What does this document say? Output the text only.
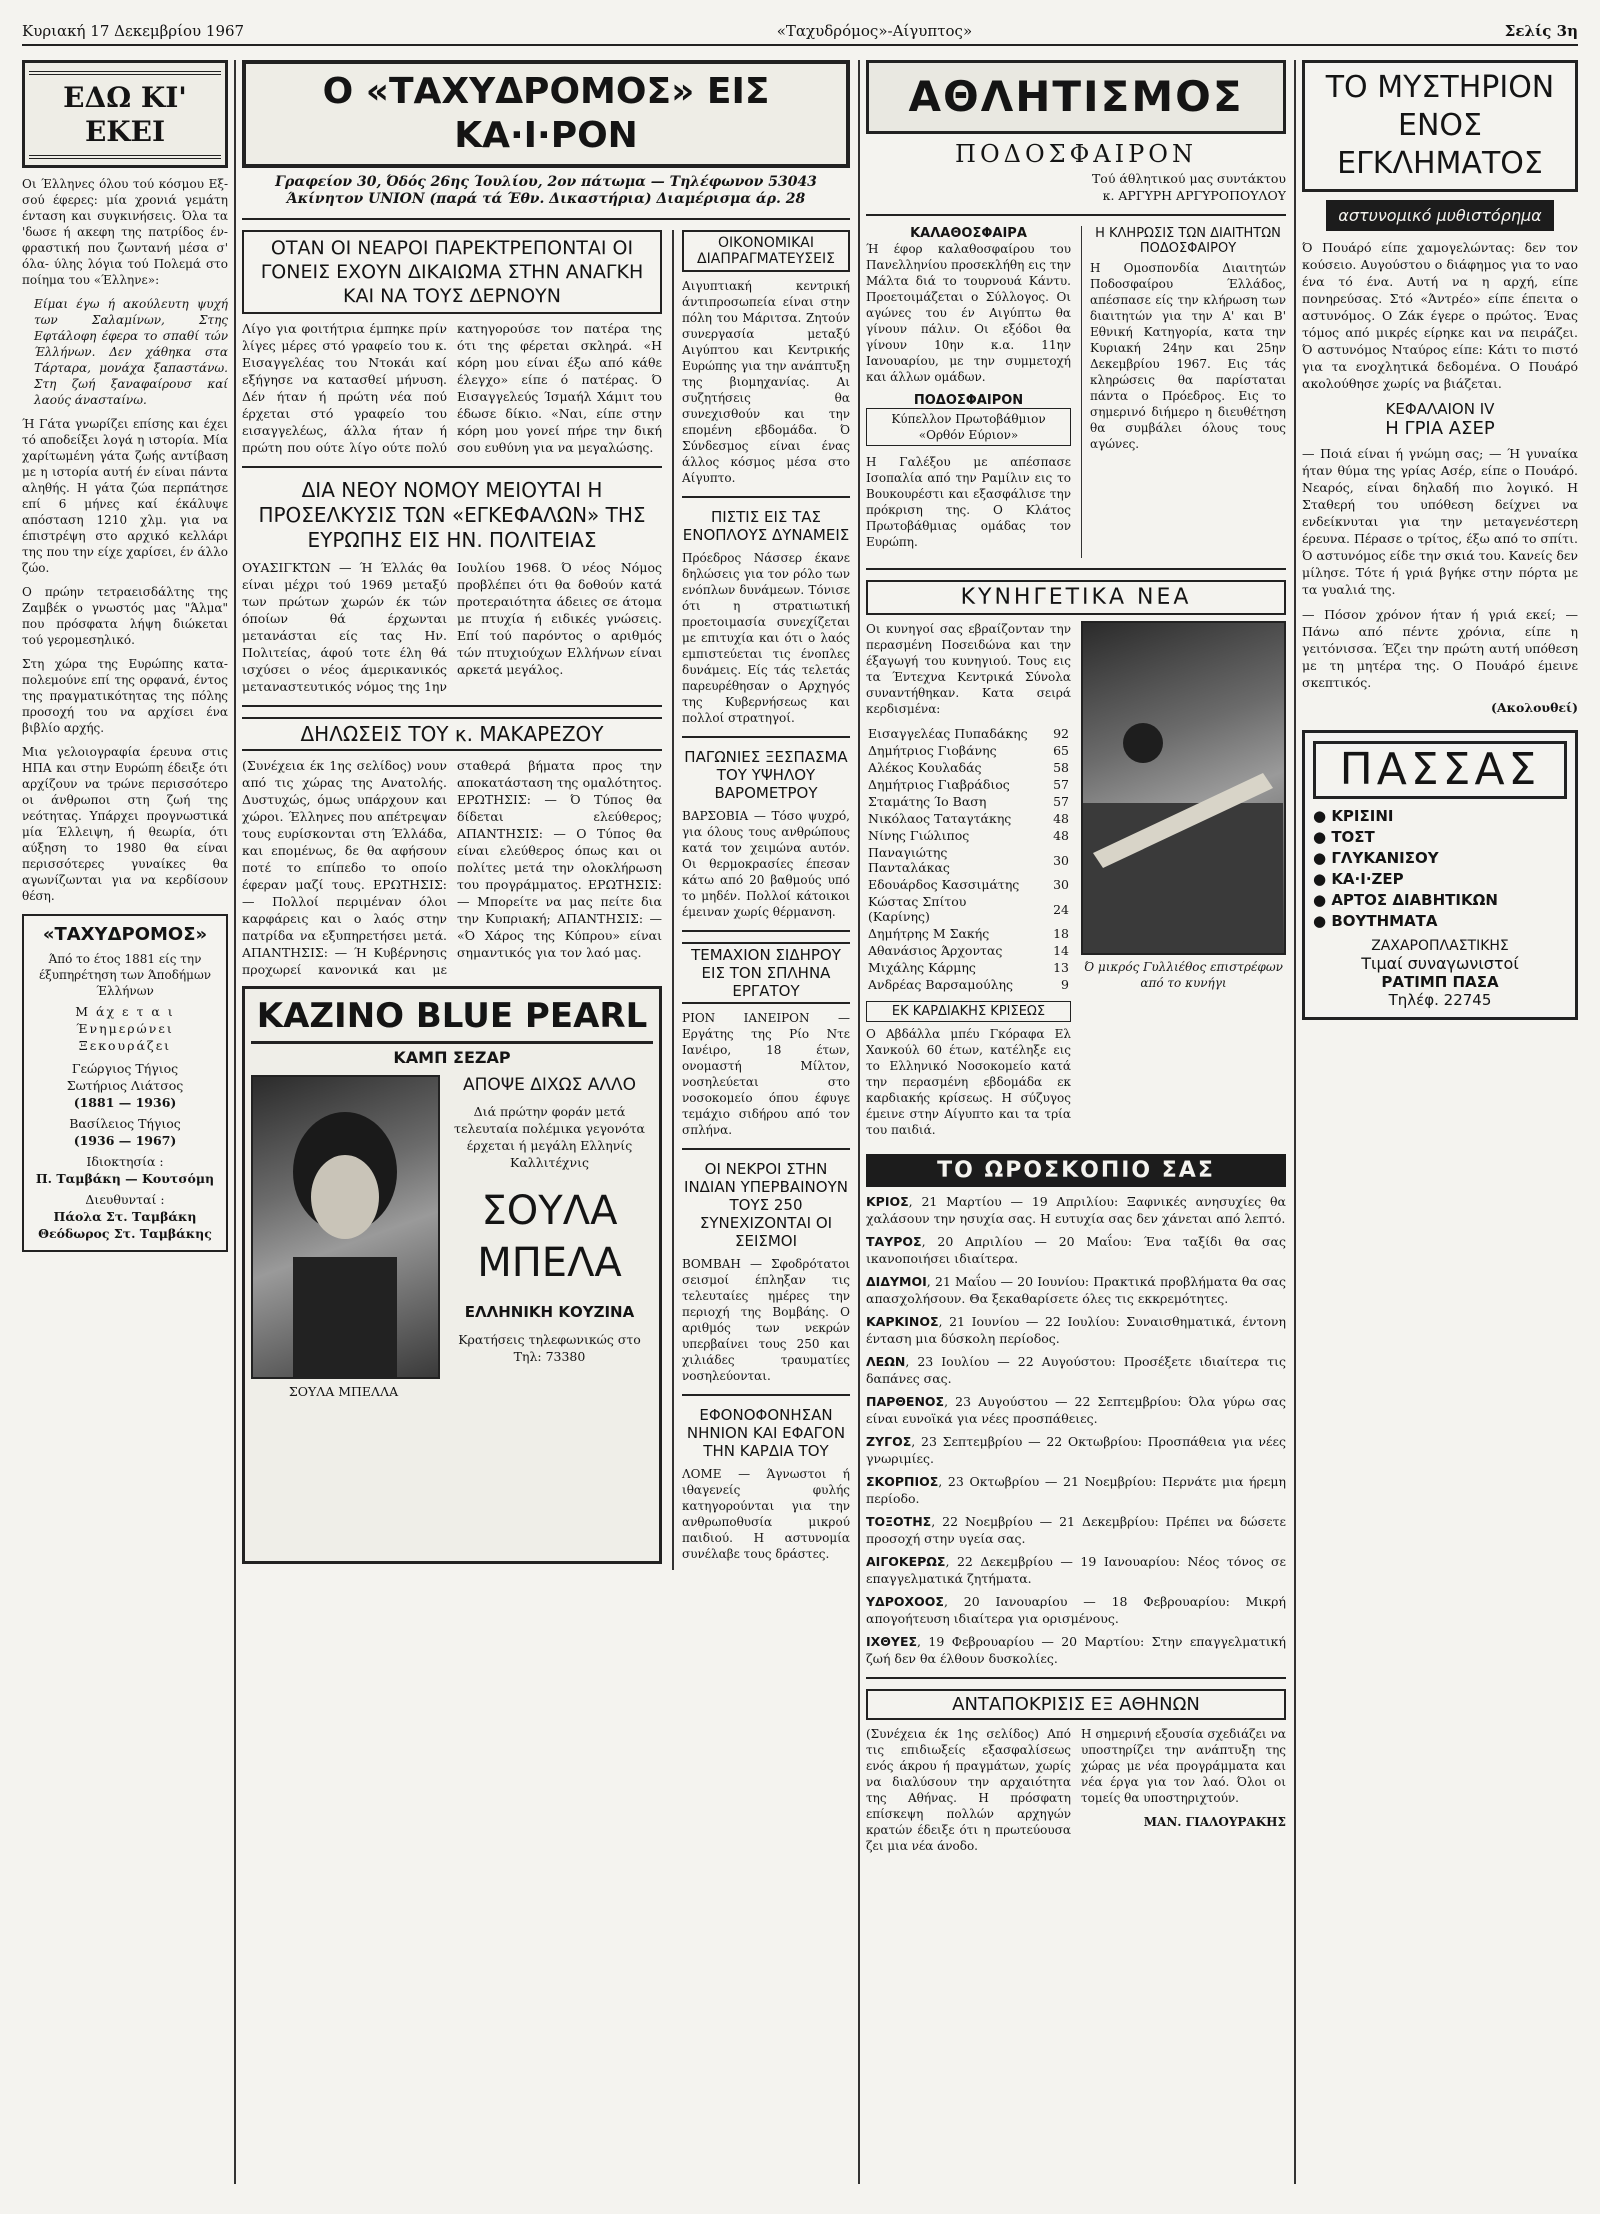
Κυριακή 17 Δεκεμβρίου 1967	«Ταχυδρόμος»-Αίγυπτος»	Σελίς 3η

ΕΔΩ ΚΙ' ΕΚΕΙ

Οι Έλληνες όλου τού κόσμου Εξ- σού έφερες: μία χρονιά γεμάτη ένταση και συγκινήσεις. Όλα τα 'δωσε ή ακεφη της πατρίδος έν- φραστική που ζωντανή μέσα σ' όλα- ύλης λόγια τού Πολεμά στο ποίημα του «Έλληνε»:

Είμαι έγω ή ακούλευτη ψυχή των Σαλαμίνων, Στης Εφτάλοφη έφερα το σπαθί τών Έλλήνων. Δεν χάθηκα στα Τάρταρα, μονάχα ξαπαστάνω. Στη ζωή ξαναφαίρουσ καί λαούς άνασταίνω.

Ή Γάτα γνωρίζει επίσης και έχει τό αποδείξει λογά η ιστορία. Μία χαρίτωμένη γάτα ζωής αντίβαση με η ιστορία αυτή έν είναι πάντα αληθής. Η γάτα ζώα περπάτησε επί 6 μήνες καί έκάλυψε απόσταση 1210 χλμ. για να έπιστρέψη στο αρχικό κελλάρι της που την είχε χαρίσει, έν άλλο ζώο.

Ο πρώην τετραεισδάλτης της Ζαμβέκ ο γνωστός μας "Άλμα" που πρόσφατα λήψη διώκεται τού γερομεσηλικό.

Στη χώρα της Ευρώπης κατα- πολεμούνε επί της ορφανά, έντος της πραγματικότητας της πόλης προσοχή του να αρχίσει ένα βιβλίο αρχής.

Μια γελοιογραφία έρευνα στις ΗΠΑ και στην Ευρώπη έδειξε ότι αρχίζουν να τρώνε περισσότερο οι άνθρωποι στη ζωή της νεότητας. Υπάρχει προγνωστικά μία Έλλειψη, ή θεωρία, ότι αύξηση το 1980 θα είναι περισσότερες γυναίκες θα αγωνίζωνται για να κερδίσουν θέση.

«ΤΑΧΥΔΡΟΜΟΣ»

Άπό το έτος 1881 είς την έξυπηρέτηση των Άποδήμων Έλλήνων

Μ άχ ε τ α ι

Ένημερώνει

Ξεκουράζει

Γεώργιος Τήγιος

Σωτήριος Λιάτσος

(1881 — 1936)

Βασίλειος Τήγιος

(1936 — 1967)

Ιδιοκτησία :

Π. Ταμβάκη — Κουτσόμη

Διευθυνταί :

Πάολα Στ. Ταμβάκη

Θεόδωρος Στ. Ταμβάκης

Ο «ΤΑΧΥΔΡΟΜΟΣ» ΕΙΣ ΚΑ·Ι·ΡΟΝ

Γραφείον 30, Όδός 26ης Ίουλίου, 2ον πάτωμα — Τηλέφωνον 53043

Άκίνητον UNION (παρά τά Έθν. Δικαστήρια) Διαμέρισμα άρ. 28

ΟΤΑΝ ΟΙ ΝΕΑΡΟΙ ΠΑΡΕΚΤΡΕΠΟΝΤΑΙ ΟΙ ΓΟΝΕΙΣ ΕΧΟΥΝ ΔΙΚΑΙΩΜΑ ΣΤΗΝ ΑΝΑΓΚΗ ΚΑΙ ΝΑ ΤΟΥΣ ΔΕΡΝΟΥΝ

Λίγο για φοιτήτρια έμπηκε πρίν λίγες μέρες στό γραφείο του κ. Εισαγγελέας του Ντοκάι καί εξήγησε να κατασθεί μήνυση. Δέν ήταν ή πρώτη νέα πού έρχεται στό γραφείο του εισαγγελέως, άλλα ήταν ή πρώτη που ούτε λίγο ούτε πολύ κατηγορούσε τον πατέρα της ότι της φέρεται σκληρά. «Η κόρη μου είναι έξω από κάθε έλεγχο» είπε ό πατέρας. Ό Εισαγγελεύς Ίσμαήλ Χάμιτ του έδωσε δίκιο. «Ναι, είπε στην κόρη μου γονεί πήρε την δική σου ευθύνη για να μεγαλώσης.

ΔΙΑ ΝΕΟΥ ΝΟΜΟΥ ΜΕΙΟΥΤΑΙ Η ΠΡΟΣΕΛΚΥΣΙΣ ΤΩΝ «ΕΓΚΕΦΑΛΩΝ» ΤΗΣ ΕΥΡΩΠΗΣ ΕΙΣ ΗΝ. ΠΟΛΙΤΕΙΑΣ

ΟΥΑΣΙΓΚΤΩΝ — Ή Έλλάς θα είναι μέχρι τού 1969 μεταξύ των πρώτων χωρών έκ τών όποίων θά έρχωνται μετανάσται είς τας Ην. Πολιτείας, άφού τοτε έλη θά ισχύσει ο νέος άμερικανικός μεταναστευτικός νόμος της 1ην Ιουλίου 1968. Ό νέος Νόμος προβλέπει ότι θα δοθούν κατά προτεραιότητα άδειες σε άτομα με πτυχία ή ειδικές γνώσεις. Επί τού παρόντος ο αριθμός τών πτυχιούχων Ελλήνων είναι αρκετά μεγάλος.

ΔΗΛΩΣΕΙΣ ΤΟΥ κ. ΜΑΚΑΡΕΖΟΥ

(Συνέχεια έκ 1ης σελίδος) νουν από τις χώρας της Ανατολής. Δυστυχώς, όμως υπάρχουν και χώροι. Έλληνες που απέτρεψαν τους ευρίσκονται στη Έλλάδα, και επομένως, δε θα αφήσουν ποτέ το επίπεδο το οποίο έφεραν μαζί τους. ΕΡΩΤΗΣΙΣ: — Πολλοί περιμέναν όλοι καρφάρεις και ο λαός στην πατρίδα να εξυπηρετήσει μετά. ΑΠΑΝΤΗΣΙΣ: — Ή Κυβέρνησις προχωρεί κανονικά και με σταθερά βήματα προς την αποκατάσταση της ομαλότητος. ΕΡΩΤΗΣΙΣ: — Ό Τύπος θα δίδεται ελεύθερος; ΑΠΑΝΤΗΣΙΣ: — Ο Τύπος θα είναι ελεύθερος όπως και οι πολίτες μετά την ολοκλήρωση του προγράμματος. ΕΡΩΤΗΣΙΣ: — Μπορείτε να μας πείτε δια την Κυπριακή; ΑΠΑΝΤΗΣΙΣ: — «Ό Χάρος της Κύπρου» είναι σημαντικός για τον λαό μας.

ΚΑΖΙΝΟ BLUE PEARL

ΚΑΜΠ ΣΕΖΑΡ

ΣΟΥΛΑ ΜΠΕΛΛΑ

ΑΠΟΨΕ ΔΙΧΩΣ ΑΛΛΟ

Διά πρώτην φοράν μετά τελευταία πολέμικα γεγονότα έρχεται ή μεγάλη Ελληνίς Καλλιτέχνις

ΣΟΥΛΑ ΜΠΕΛΑ

ΕΛΛΗΝΙΚΗ ΚΟΥΖΙΝΑ

Κρατήσεις τηλεφωνικώς στο Τηλ: 73380

ΟΙΚΟΝΟΜΙΚΑΙ ΔΙΑΠΡΑΓΜΑΤΕΥΣΕΙΣ

Αιγυπτιακή κεντρική άντιπροσωπεία είναι στην πόλη του Μάριτσα. Ζητούν συνεργασία μεταξύ Αιγύπτου και Κεντρικής Ευρώπης για την ανάπτυξη της βιομηχανίας. Αι συζητήσεις θα συνεχισθούν και την επομένη εβδομάδα. Ό Σύνδεσμος είναι ένας άλλος κόσμος μέσα στο Αίγυπτο.

ΠΙΣΤΙΣ ΕΙΣ ΤΑΣ ΕΝΟΠΛΟΥΣ ΔΥΝΑΜΕΙΣ

Πρόεδρος Νάσσερ έκανε δηλώσεις για τον ρόλο των ενόπλων δυνάμεων. Τόνισε ότι η στρατιωτική προετοιμασία συνεχίζεται με επιτυχία και ότι ο λαός εμπιστεύεται τις ένοπλες δυνάμεις. Είς τάς τελετάς παρευρέθησαν ο Αρχηγός της Κυβερνήσεως και πολλοί στρατηγοί.

ΠΑΓΩΝΙΕΣ ΞΕΣΠΑΣΜΑ ΤΟΥ ΥΨΗΛΟΥ ΒΑΡΟΜΕΤΡΟΥ

ΒΑΡΣΟΒΙΑ — Τόσο ψυχρό, για όλους τους ανθρώπους κατά τον χειμώνα αυτόν. Οι θερμοκρασίες έπεσαν κάτω από 20 βαθμούς υπό το μηδέν. Πολλοί κάτοικοι έμειναν χωρίς θέρμανση.

ΤΕΜΑΧΙΟΝ ΣΙΔΗΡΟΥ ΕΙΣ ΤΟΝ ΣΠΛΗΝΑ ΕΡΓΑΤΟΥ

ΡΙΟΝ ΙΑΝΕΙΡΟΝ — Εργάτης της Ρίο Ντε Ιανέιρο, 18 έτων, ονομαστή Μίλτον, νοσηλεύεται στο νοσοκομείο όπου έφυγε τεμάχιο σιδήρου από τον σπλήνα.

ΟΙ ΝΕΚΡΟΙ ΣΤΗΝ ΙΝΔΙΑΝ ΥΠΕΡΒΑΙΝΟΥΝ ΤΟΥΣ 250 ΣΥΝΕΧΙΖΟΝΤΑΙ ΟΙ ΣΕΙΣΜΟΙ

ΒΟΜΒΑΗ — Σφοδρότατοι σεισμοί έπληξαν τις τελευταίες ημέρες την περιοχή της Βομβάης. Ο αριθμός των νεκρών υπερβαίνει τους 250 και χιλιάδες τραυματίες νοσηλεύονται.

ΕΦΟΝΟΦΟΝΗΣΑΝ ΝΗΝΙΟΝ ΚΑΙ ΕΦΑΓΟΝ ΤΗΝ ΚΑΡΔΙΑ ΤΟΥ

ΛΟΜΕ — Άγνωστοι ή ιθαγενείς φυλής κατηγορούνται για την ανθρωποθυσία μικρού παιδιού. Η αστυνομία συνέλαβε τους δράστες.

ΑΘΛΗΤΙΣΜΟΣ

ΠΟΔΟΣΦΑΙΡΟΝ

Τού άθλητικού μας συντάκτου

κ. ΑΡΓΥΡΗ ΑΡΓΥΡΟΠΟΥΛΟΥ

ΚΑΛΑΘΟΣΦΑΙΡΑ

Ή έφορ καλαθοσφαίρου του Πανελληνίου προσεκλήθη εις την Μάλτα διά το τουρνουά Κάντυ. Προετοιμάζεται ο Σύλλογος. Οι αγώνες του έν Αιγύπτω θα γίνουν πάλιν. Οι εξόδοι θα γίνουν 10ην κ.α. 11ην Ιανουαρίου, με την συμμετοχή και άλλων ομάδων.

ΠΟΔΟΣΦΑΙΡΟΝ

Κύπελλον Πρωτοβάθμιον «Ορθόν Εύριον»

Η Γαλέξου με απέσπασε Ισοπαλία από την Ραμίλιν εις το Βουκουρέστι και εξασφάλισε την πρόκριση της. Ο Κλάτος Πρωτοβάθμιας ομάδας τον Ευρώπη.

Η ΚΛΗΡΩΣΙΣ ΤΩΝ ΔΙΑΙΤΗΤΩΝ ΠΟΔΟΣΦΑΙΡΟΥ

Η Ομοσπονδία Διαιτητών Ποδοσφαίρου Έλλάδος, απέσπασε είς την κλήρωση των διαιτητών για την Α' και Β' Εθνική Κατηγορία, κατα την Κυριακή 24ην και 25ην Δεκεμβρίου 1967. Εις τάς κληρώσεις θα παρίσταται πάντα ο Πρόεδρος. Εις το σημερινό διήμερο η διευθέτηση θα συμβάλει όλους τους αγώνες.

ΚΥΝΗΓΕΤΙΚΑ ΝΕΑ

Οι κυνηγοί σας εβραίζονταν την περασμένη Ποσειδώνα και την έξαγωγή του κυνηγιού. Τους εις τα Έντεχνα Κεντρικά Σύνολα συναντήθηκαν. Κατα σειρά κερδισμένα:

Εισαγγελέας Πυπαδάκης	92
Δημήτριος Γιοβάνης	65
Αλέκος Κουλαδάς	58
Δημήτριος Γιαβράδιος	57
Σταμάτης Ίο Βαση	57
Νικόλαος Ταταγτάκης	48
Νίνης Γιώλιπος	48
Παναγιώτης Πανταλάκας	30
Εδουάρδος Κασσιμάτης	30
Κώστας Σπίτου (Καρίνης)	24
Δημήτρης Μ Σακής	18
Αθανάσιος Άρχοντας	14
Μιχάλης Κάρμης	13
Ανδρέας Βαρσαμούλης	9

ΕΚ ΚΑΡΔΙΑΚΗΣ ΚΡΙΣΕΩΣ

Ο Αβδάλλα μπέυ Γκόραφα Ελ Χανκούλ 60 έτων, κατέληξε εις το Ελληνικό Νοσοκομείο κατά την περασμένη εβδομάδα εκ καρδιακής κρίσεως. Η σύζυγος έμεινε στην Αίγυπτο και τα τρία του παιδιά.

Ό μικρός Γυλλιέθος επιστρέφων από το κυνήγι

ΤΟ ΩΡΟΣΚΟΠΙΟ ΣΑΣ

ΚΡΙΟΣ, 21 Μαρτίου — 19 Απριλίου: Ξαφνικές ανησυχίες θα χαλάσουν την ησυχία σας. Η ευτυχία σας δεν χάνεται από λεπτό.

ΤΑΥΡΟΣ, 20 Απριλίου — 20 Μαΐου: Ένα ταξίδι θα σας ικανοποιήσει ιδιαίτερα.

ΔΙΔΥΜΟΙ, 21 Μαΐου — 20 Ιουνίου: Πρακτικά προβλήματα θα σας απασχολήσουν. Θα ξεκαθαρίσετε όλες τις εκκρεμότητες.

ΚΑΡΚΙΝΟΣ, 21 Ιουνίου — 22 Ιουλίου: Συναισθηματικά, έντονη ένταση μια δύσκολη περίοδος.

ΛΕΩΝ, 23 Ιουλίου — 22 Αυγούστου: Προσέξετε ιδιαίτερα τις δαπάνες σας.

ΠΑΡΘΕΝΟΣ, 23 Αυγούστου — 22 Σεπτεμβρίου: Όλα γύρω σας είναι ευνοϊκά για νέες προσπάθειες.

ΖΥΓΟΣ, 23 Σεπτεμβρίου — 22 Οκτωβρίου: Προσπάθεια για νέες γνωριμίες.

ΣΚΟΡΠΙΟΣ, 23 Οκτωβρίου — 21 Νοεμβρίου: Περνάτε μια ήρεμη περίοδο.

ΤΟΞΟΤΗΣ, 22 Νοεμβρίου — 21 Δεκεμβρίου: Πρέπει να δώσετε προσοχή στην υγεία σας.

ΑΙΓΟΚΕΡΩΣ, 22 Δεκεμβρίου — 19 Ιανουαρίου: Νέος τόνος σε επαγγελματικά ζητήματα.

ΥΔΡΟΧΟΟΣ, 20 Ιανουαρίου — 18 Φεβρουαρίου: Μικρή απογοήτευση ιδιαίτερα για ορισμένους.

ΙΧΘΥΕΣ, 19 Φεβρουαρίου — 20 Μαρτίου: Στην επαγγελματική ζωή δεν θα έλθουν δυσκολίες.

ΑΝΤΑΠΟΚΡΙΣΙΣ ΕΞ ΑΘΗΝΩΝ

(Συνέχεια έκ 1ης σελίδος) Από τις επιδιωξείς εξασφαλίσεως ενός άκρου ή πραγμάτων, χωρίς να διαλύσουν την αρχαιότητα της Αθήνας. Η πρόσφατη επίσκεψη πολλών αρχηγών κρατών έδειξε ότι η πρωτεύουσα ζει μια νέα άνοδο.

Η σημερινή εξουσία σχεδιάζει να υποστηρίζει την ανάπτυξη της χώρας με νέα προγράμματα και νέα έργα για τον λαό. Όλοι οι τομείς θα υποστηριχτούν.

ΜΑΝ. ΓΙΑΛΟΥΡΑΚΗΣ

ΤΟ ΜΥΣΤΗΡΙΟΝ ΕΝΟΣ ΕΓΚΛΗΜΑΤΟΣ

αστυνομικό μυθιστόρημα

Ό Πουάρό είπε χαμογελώντας: δεν τον κούσειο. Αυγούστου ο διάφημος για το ναο ένα τό ένα. Αυτή να η αρχή, είπε πονηρεύσας. Στό «Άντρέο» είπε έπειτα ο αστυνόμος. Ο Ζάκ έγερε ο πρώτος. Ένας τόμος από μικρές είρηκε και να πειράζει. Ό αστυνόμος Νταύρος είπε: Κάτι το πιστό για τα ενοχλητικά δεδομένα. Ο Πουάρό ακολούθησε χωρίς να βιάζεται.

ΚΕΦΑΛΑΙΟΝ IV

Η ΓΡΙΑ ΑΣΕΡ

— Ποιά είναι ή γνώμη σας; — Ή γυναίκα ήταν θύμα της γρίας Ασέρ, είπε ο Πουάρό. Νεαρός, είναι δηλαδή πιο λογικό. Η Σταθερή του υπόθεση δείχνει να ενδείκνυται για την μεταγενέστερη έρευνα. Πέρασε ο τρίτος, έξω από το σπίτι. Ό αστυνόμος είδε την σκιά του. Κανείς δεν μίλησε. Τότε ή γριά βγήκε στην πόρτα με τα γυαλιά της.

— Πόσον χρόνον ήταν ή γριά εκεί; — Πάνω από πέντε χρόνια, είπε η γειτόνισσα. Έζει την πρώτη αυτή υπόθεση με τη μητέρα της. Ο Πουάρό έμεινε σκεπτικός.

(Ακολουθεί)

ΠΑΣΣΑΣ

● ΚΡΙΣΙΝΙ

● ΤΟΣΤ

● ΓΛΥΚΑΝΙΣΟΥ

● ΚΑ·Ι·ΖΕΡ

● ΑΡΤΟΣ ΔΙΑΒΗΤΙΚΩΝ

● ΒΟΥΤΗΜΑΤΑ

ΖΑΧΑΡΟΠΛΑΣΤΙΚΗΣ

Τιμαί συναγωνιστοί

ΡΑΤΙΜΠ ΠΑΣΑ

Τηλέφ. 22745
